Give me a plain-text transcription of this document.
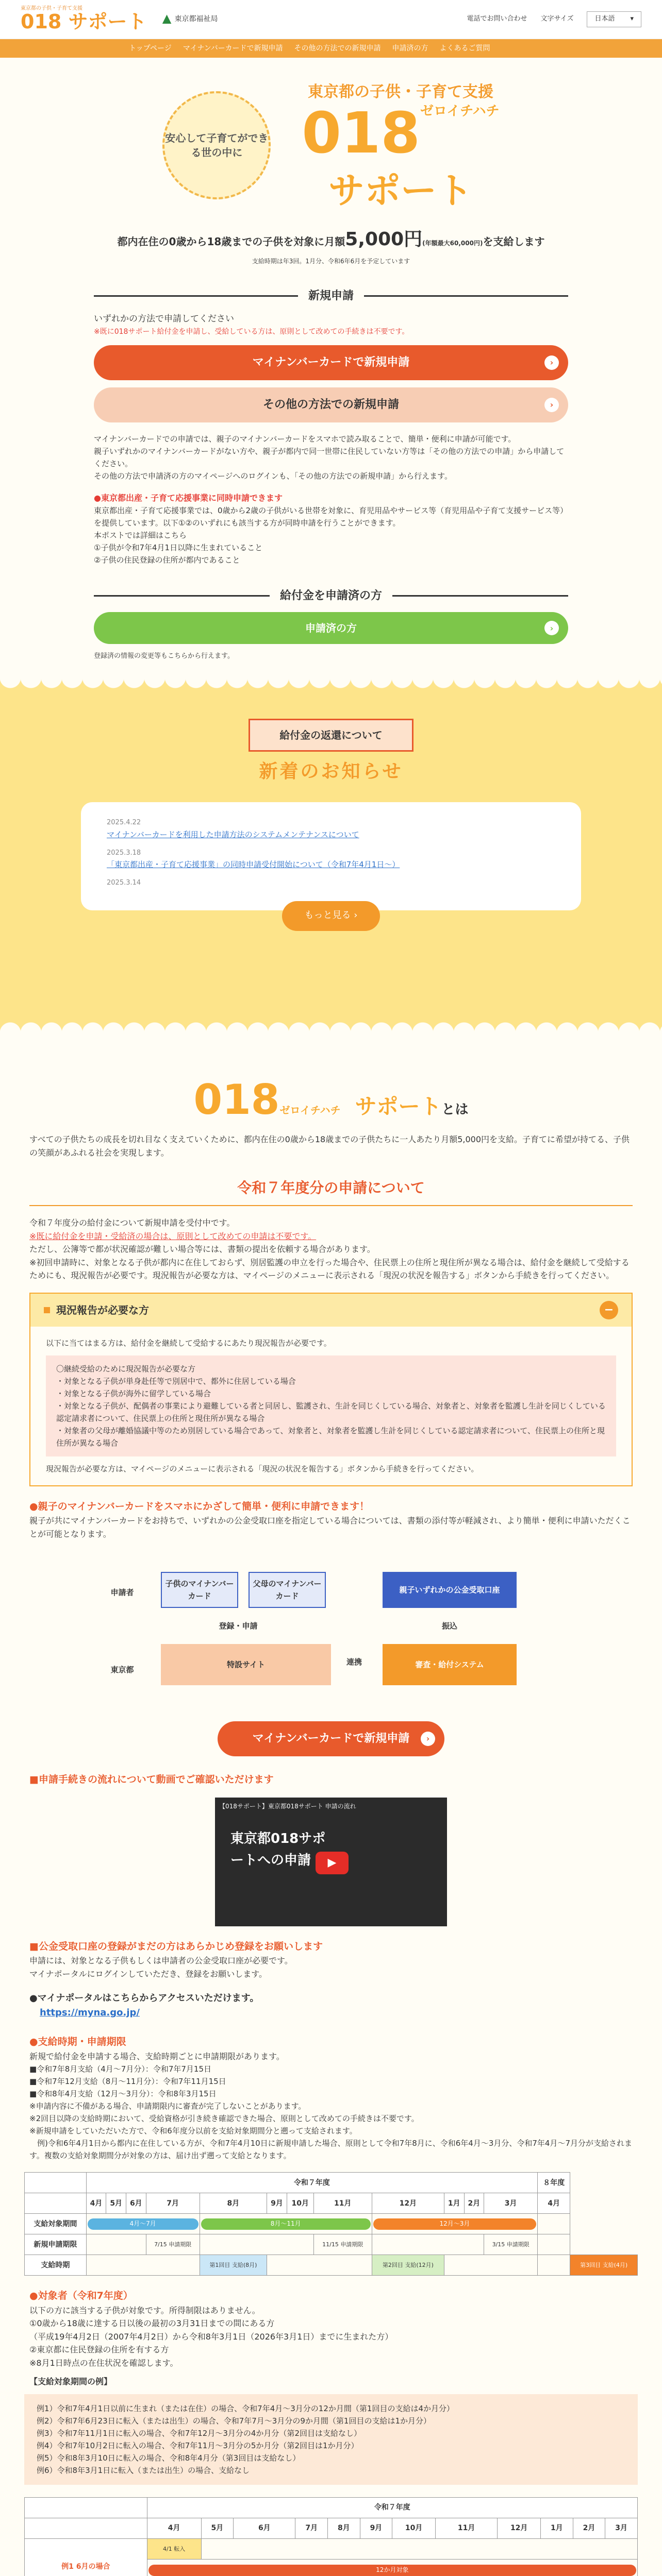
東京都の子供・子育て支援
018 サポート	東京都福祉局	電話でお問い合わせ 文字サイズ	日本語 ▾
トップページ マイナンバーカードで新規申請 その他の方法での新規申請 申請済の方 よくあるご質問
安心して子育てができる世の中に
東京都の子供・子育て支援
$018^{ゼロイチハチ}$
サポート
都内在住の0歳から18歳までの子供を対象に月額5,000円(年額最大60,000円)を支給します
支給時期は年3回。1月分、令和6年6月を予定しています
新規申請
いずれかの方法で申請してください
※既に018サポート給付金を申請し、受給している方は、原則として改めての手続きは不要です。
マイナンバーカードで新規申請	›
その他の方法での新規申請	›

マイナンバーカードでの申請では、親子のマイナンバーカードをスマホで読み取ることで、簡単・便利に申請が可能です。

親子いずれかのマイナンバーカードがない方や、親子が都内で同一世帯に住民していない方等は「その他の方法での申請」から申請してください。

その他の方法で申請済の方のマイページへのログインも、「その他の方法での新規申請」から行えます。

●東京都出産・子育て応援事業に同時申請できます

東京都出産・子育て応援事業では、0歳から2歳の子供がいる世帯を対象に、育児用品やサービス等（育児用品や子育て支援サービス等）を提供しています。以下①②のいずれにも該当する方が同時申請を行うことができます。

本ポストでは詳細はこちら

①子供が令和7年4月1日以降に生まれていること

②子供の住民登録の住所が都内であること

給付金を申請済の方
申請済の方	›
登録済の情報の変更等もこちらから行えます。
給付金の返還について
新着のお知らせ
2025.4.22
マイナンバーカードを利用した申請方法のシステムメンテナンスについて
2025.3.18
「東京都出産・子育て応援事業」の同時申請受付開始について（令和7年4月1日～）
2025.3.14
もっと見る
›
018ゼロイチハチ サポートとは

すべての子供たちの成長を切れ目なく支えていくために、都内在住の0歳から18歳までの子供たちに一人あたり月額5,000円を支給。子育てに希望が持てる、子供の笑顔があふれる社会を実現します。

令和７年度分の申請について

令和７年度分の給付金について新規申請を受付中です。

※既に給付金を申請・受給済の場合は、原則として改めての申請は不要です。

ただし、公簿等で都が状況確認が難しい場合等には、書類の提出を依頼する場合があります。

※初回申請時に、対象となる子供が都内に在住しておらず、別居監護の申立を行った場合や、住民票上の住所と現住所が異なる場合は、給付金を継続して受給するためにも、現況報告が必要です。現況報告が必要な方は、マイページのメニューに表示される「現況の状況を報告する」ボタンから手続きを行ってください。

現況報告が必要な方	−

以下に当てはまる方は、給付金を継続して受給するにあたり現況報告が必要です。

〇継続受給のために現況報告が必要な方

・対象となる子供が単身赴任等で別居中で、都外に住居している場合

・対象となる子供が海外に留学している場合

・対象となる子供が、配偶者の事業により避難している者と同居し、監護され、生計を同じくしている場合、対象者と、対象者を監護し生計を同じくしている認定請求者について、住民票上の住所と現住所が異なる場合

・対象者の父母が離婚協議中等のため別居している場合であって、対象者と、対象者を監護し生計を同じくしている認定請求者について、住民票上の住所と現住所が異なる場合

現況報告が必要な方は、マイページのメニューに表示される「現況の状況を報告する」ボタンから手続きを行ってください。

●親子のマイナンバーカードをスマホにかざして簡単・便利に申請できます！

親子が共にマイナンバーカードをお持ちで、いずれかの公金受取口座を指定している場合については、書類の添付等が軽減され、より簡単・便利に申請いただくことが可能となります。

申請者
子供のマイナンバーカード
父母のマイナンバーカード
親子いずれかの公金受取口座
登録・申請	振込
東京都
特設サイト	連携	審査・給付システム
マイナンバーカードで新規申請	›

■申請手続きの流れについて動画でご確認いただけます

【018サポート】東京都018サポート 申請の流れ
東京都018サポートへの申請	▶

■公金受取口座の登録がまだの方はあらかじめ登録をお願いします

申請には、対象となる子供もしくは申請者の公金受取口座が必要です。

マイナポータルにログインしていただき、登録をお願いします。

●マイナポータルはこちらからアクセスいただけます。

https://myna.go.jp/

●支給時期・申請期限

新規で給付金を申請する場合、支給時期ごとに申請期限があります。

■令和7年8月支給（4月～7月分）：令和7年7月15日

■令和7年12月支給（8月～11月分）：令和7年11月15日

■令和8年4月支給（12月～3月分）：令和8年3月15日

※申請内容に不備がある場合、申請期限内に審査が完了しないことがあります。

※2回目以降の支給時期において、受給資格が引き続き確認できた場合、原則として改めての手続きは不要です。

※新規申請をしていただいた方で、令和6年度分以前を支給対象期間分と遡って支給されます。

　例)令和6年4月1日から都内に在住している方が、令和7年4月10日に新規申請した場合、原則として令和7年8月に、令和6年4月～3月分、令和7年4月～7月分が支給されます。複数の支給対象期間分が対象の方は、届け出ず遡って支給となります。

	令和７年度												８年度	
	4月	5月	6月	7月	8月	9月	10月	11月	12月	1月	2月	3月	4月	
支給対象期間	4月～7月				8月～11月				12月～3月					

新規申請期限				7/15 申請期限				11/15 申請期限				3/15 申請期限		
支給時期					第1回目 支給(8月)				第2回目 支給(12月)					第3回目 支給(4月)

●対象者（令和7年度）

以下の方に該当する子供が対象です。所得制限はありません。

①0歳から18歳に達する日以後の最初の3月31日までの間にある方

（平成19年4月2日（2007年4月2日）から令和8年3月1日（2026年3月1日）までに生まれた方）

②東京都に住民登録の住所を有する方

※8月1日時点の在住状況を確認します。

【支給対象期間の例】

例1）令和7年4月1日以前に生まれ（または在住）の場合、令和7年4月～3月分の12か月間（第1回目の支給は4か月分）

例2）令和7年6月23日に転入（または出生）の場合、令和7年7月～3月分の9か月間（第1回目の支給は1か月分）

例3）令和7年11月1日に転入の場合、令和7年12月～3月分の4か月分（第2回目は支給なし）

例4）令和7年10月2日に転入の場合、令和7年11月～3月分の5か月分（第2回目は1か月分）

例5）令和8年3月10日に転入の場合、令和8年4月分（第3回目は支給なし）

例6）令和8年3月1日に転入（または出生）の場合、支給なし

	令和７年度											
	4月	5月	6月	7月	8月	9月	10月	11月	12月	1月	2月	3月
例1 6月の場合	4/1 転入											

12か月対象											
